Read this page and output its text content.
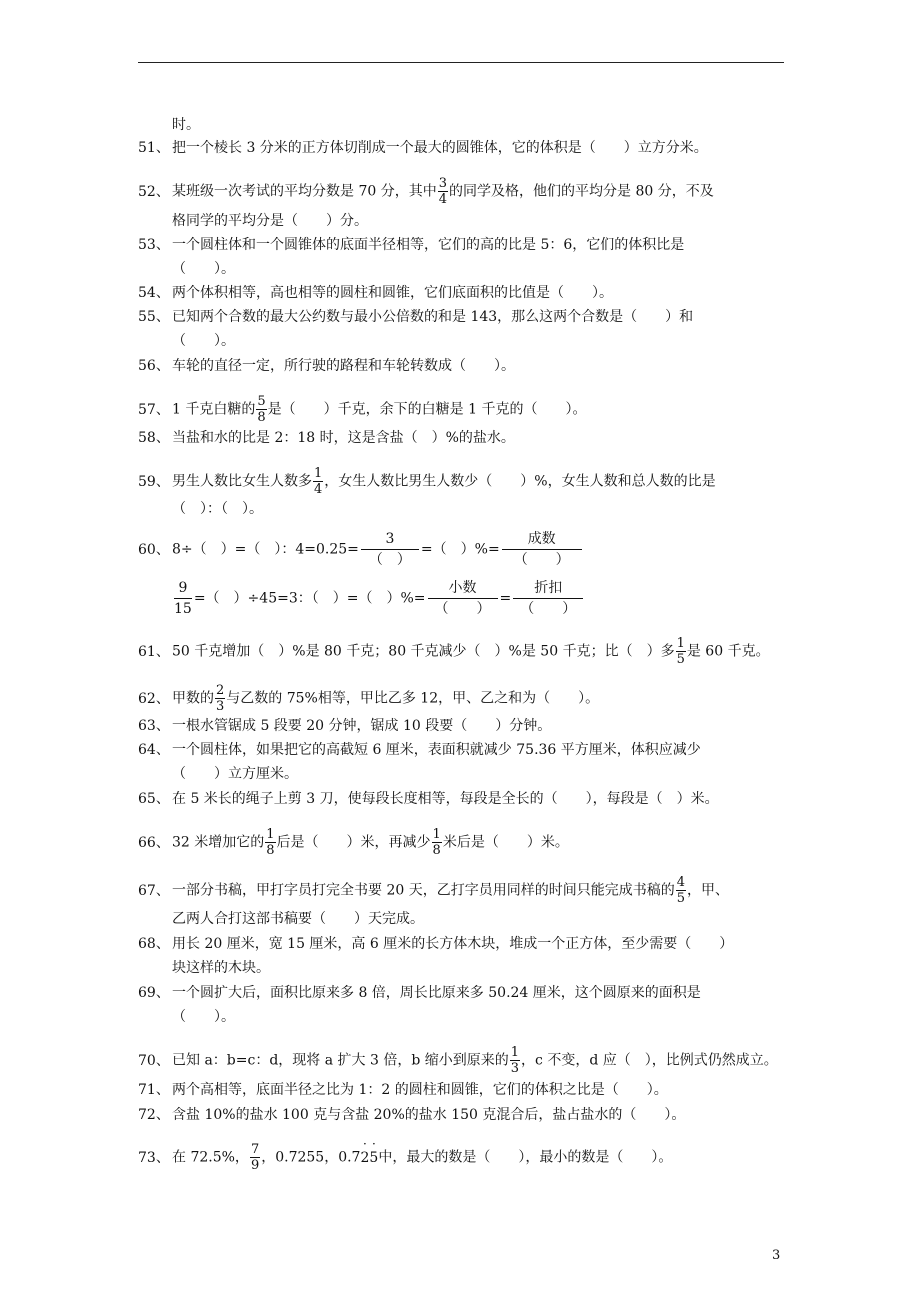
时。
51、 把一个棱长 3 分米的正方体切削成一个最大的圆锥体，它的体积是（　　）立方分米。
52、 某班级一次考试的平均分数是 70 分，其中 $\frac{3}{4}$ 的同学及格，他们的平均分是 80 分，不及
格同学的平均分是（　　）分。
53、 一个圆柱体和一个圆锥体的底面半径相等，它们的高的比是 5：6，它们的体积比是
（　　）。
54、 两个体积相等，高也相等的圆柱和圆锥，它们底面积的比值是（　　）。
55、 已知两个合数的最大公约数与最小公倍数的和是 143，那么这两个合数是（　　）和
（　　）。
56、 车轮的直径一定，所行驶的路程和车轮转数成（　　）。
57、 1 千克白糖的 $\frac{5}{8}$ 是（　　）千克，余下的白糖是 1 千克的（　　）。
58、 当盐和水的比是 2：18 时，这是含盐（　）%的盐水。
59、 男生人数比女生人数多 $\frac{1}{4}$ ，女生人数比男生人数少（　　）%，女生人数和总人数的比是
（　）：（　）。
60、 8÷（　）=（　）：4=0.25=
3
（　）
=（　）%=
成数
（　　）
$\frac{9}{15}$ =（　）÷45=3：（　）=（　）%=
小数
（　　）
=
折扣
（　　）
61、 50 千克增加（　）%是 80 千克；80 千克减少（　）%是 50 千克；比（　）多 $\frac{1}{5}$ 是 60 千克。
62、 甲数的 $\frac{2}{3}$ 与乙数的 75%相等，甲比乙多 12，甲、乙之和为（　　）。
63、 一根水管锯成 5 段要 20 分钟，锯成 10 段要（　　）分钟。
64、 一个圆柱体，如果把它的高截短 6 厘米，表面积就减少 75.36 平方厘米，体积应减少
（　　）立方厘米。
65、 在 5 米长的绳子上剪 3 刀，使每段长度相等，每段是全长的（　　），每段是（　）米。
66、 32 米增加它的 $\frac{1}{8}$ 后是（　　）米，再减少 $\frac{1}{8}$ 米后是（　　）米。
67、 一部分书稿，甲打字员打完全书要 20 天，乙打字员用同样的时间只能完成书稿的 $\frac{4}{5}$ ，甲、
乙两人合打这部书稿要（　　）天完成。
68、 用长 20 厘米，宽 15 厘米，高 6 厘米的长方体木块，堆成一个正方体，至少需要（　　）
块这样的木块。
69、 一个圆扩大后，面积比原来多 8 倍，周长比原来多 50.24 厘米，这个圆原来的面积是
（　　）。
70、 已知 a：b=c：d，现将 a 扩大 3 倍，b 缩小到原来的 $\frac{1}{3}$ ，c 不变，d 应（　），比例式仍然成立。
71、 两个高相等，底面半径之比为 1：2 的圆柱和圆锥，它们的体积之比是（　　）。
72、 含盐 10%的盐水 100 克与含盐 20%的盐水 150 克混合后，盐占盐水的（　　）。
73、 在 72.5%， $\frac{7}{9}$ ，0.7255，0.7· 2· 5中，最大的数是（　　），最小的数是（　　）。
3
